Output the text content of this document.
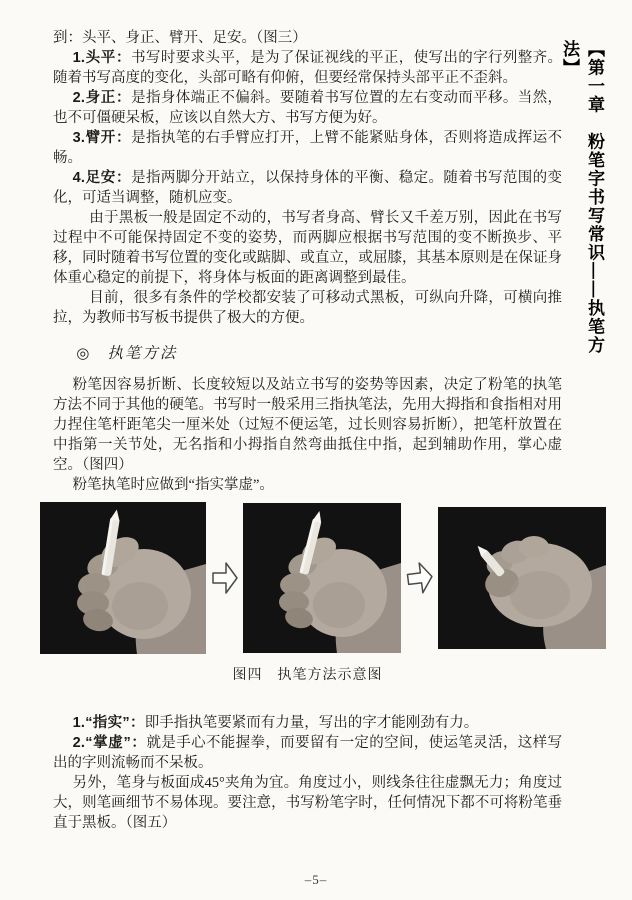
到：头平、身正、臂开、足安。（图三）

1.头平：书写时要求头平，是为了保证视线的平正，使写出的字行列整齐。随着书写高度的变化，头部可略有仰俯，但要经常保持头部平正不歪斜。

2.身正：是指身体端正不偏斜。要随着书写位置的左右变动而平移。当然，也不可僵硬呆板，应该以自然大方、书写方便为好。

3.臂开：是指执笔的右手臂应打开，上臂不能紧贴身体，否则将造成挥运不畅。

4.足安：是指两脚分开站立，以保持身体的平衡、稳定。随着书写范围的变化，可适当调整，随机应变。

由于黑板一般是固定不动的，书写者身高、臂长又千差万别，因此在书写过程中不可能保持固定不变的姿势，而两脚应根据书写范围的变不断换步、平移，同时随着书写位置的变化或踮脚、或直立，或屈膝，其基本原则是在保证身体重心稳定的前提下，将身体与板面的距离调整到最佳。

目前，很多有条件的学校都安装了可移动式黑板，可纵向升降，可横向推拉，为教师书写板书提供了极大的方便。

◎ 执笔方法

粉笔因容易折断、长度较短以及站立书写的姿势等因素，决定了粉笔的执笔方法不同于其他的硬笔。书写时一般采用三指执笔法，先用大拇指和食指相对用力捏住笔杆距笔尖一厘米处（过短不便运笔，过长则容易折断），把笔杆放置在中指第一关节处，无名指和小拇指自然弯曲抵住中指，起到辅助作用，掌心虚空。（图四）

粉笔执笔时应做到“指实掌虚”。

图四　执笔方法示意图

1.“指实”：即手指执笔要紧而有力量，写出的字才能刚劲有力。

2.“掌虚”：就是手心不能握拳，而要留有一定的空间，使运笔灵活，这样写出的字则流畅而不呆板。

另外，笔身与板面成45°夹角为宜。角度过小，则线条往往虚飘无力；角度过大，则笔画细节不易体现。要注意，书写粉笔字时，任何情况下都不可将粉笔垂直于黑板。（图五）

【第一章　粉笔字书写常识——执笔方法】
–5–
